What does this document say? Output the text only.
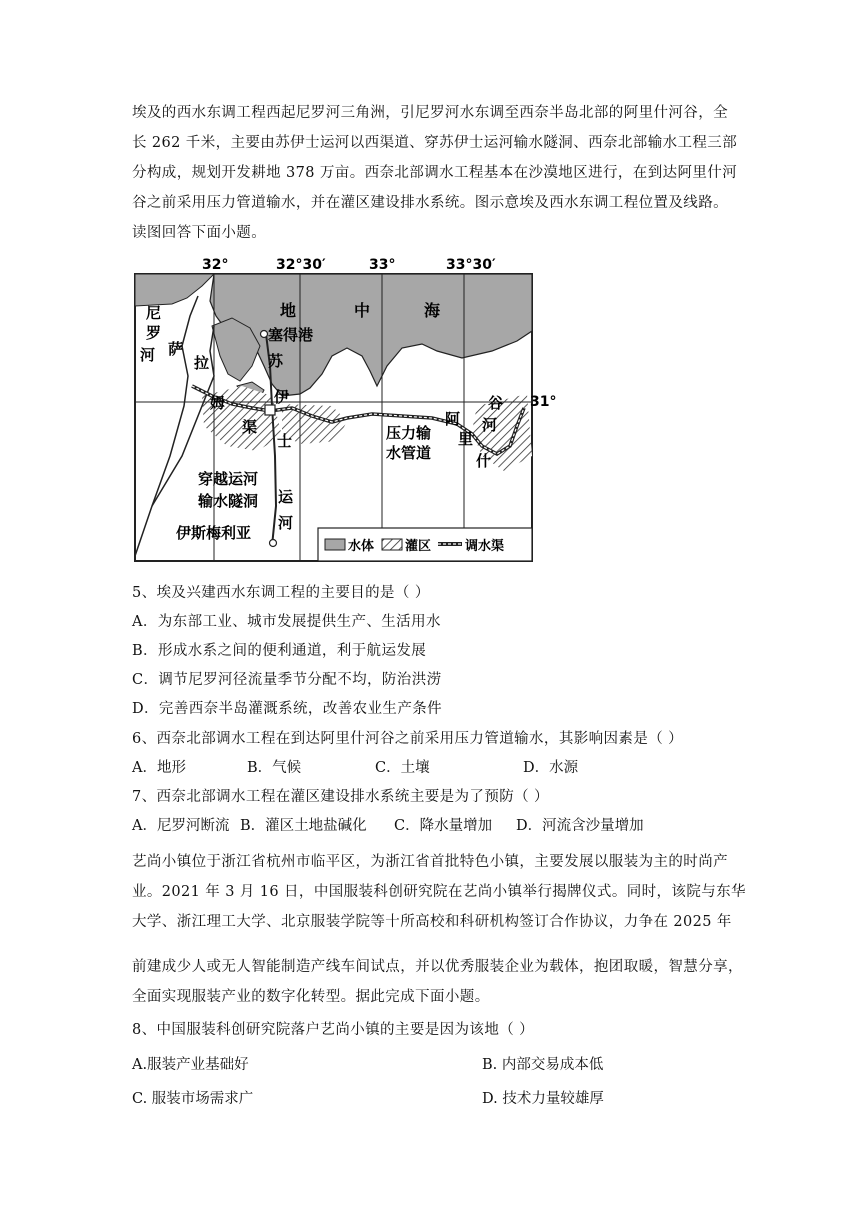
埃及的西水东调工程西起尼罗河三角洲，引尼罗河水东调至西奈半岛北部的阿里什河谷，全
长 262 千米，主要由苏伊士运河以西渠道、穿苏伊士运河输水隧洞、西奈北部输水工程三部
分构成，规划开发耕地 378 万亩。西奈北部调水工程基本在沙漠地区进行，在到达阿里什河
谷之前采用压力管道输水，并在灌区建设排水系统。图示意埃及西水东调工程位置及线路。
读图回答下面小题。
32°	32°30′	33°	33°30′
31°
地	中	海
尼
罗
河 萨
拉
姆
渠
苏
伊
士
运
河
塞得港
压力输
水管道
阿
里
什
谷
河
穿越运河
输水隧洞
伊斯梅利亚
水体 灌区	调水渠
5、埃及兴建西水东调工程的主要目的是（ ）
A．为东部工业、城市发展提供生产、生活用水
B．形成水系之间的便利通道，利于航运发展
C．调节尼罗河径流量季节分配不均，防治洪涝
D．完善西奈半岛灌溉系统，改善农业生产条件
6、西奈北部调水工程在到达阿里什河谷之前采用压力管道输水，其影响因素是（ ）
A．地形	B．气候	C．土壤	D．水源
7、西奈北部调水工程在灌区建设排水系统主要是为了预防（ ）
A．尼罗河断流 B．灌区土地盐碱化 C．降水量增加 D．河流含沙量增加
艺尚小镇位于浙江省杭州市临平区，为浙江省首批特色小镇，主要发展以服装为主的时尚产
业。2021 年 3 月 16 日，中国服装科创研究院在艺尚小镇举行揭牌仪式。同时，该院与东华
大学、浙江理工大学、北京服装学院等十所高校和科研机构签订合作协议，力争在 2025 年
前建成少人或无人智能制造产线车间试点，并以优秀服装企业为载体，抱团取暖，智慧分享，
全面实现服装产业的数字化转型。据此完成下面小题。
8、中国服装科创研究院落户艺尚小镇的主要是因为该地（ ）
A.服装产业基础好	B. 内部交易成本低
C. 服装市场需求广	D. 技术力量较雄厚
